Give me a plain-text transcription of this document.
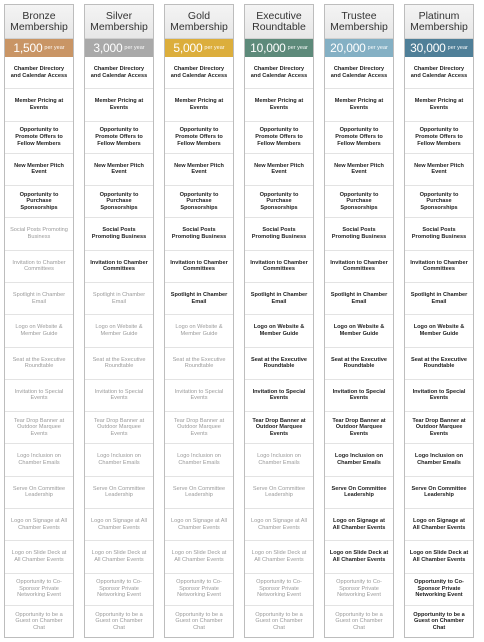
Bronze Membership
1,500 per year
Chamber Directory and Calendar Access
Member Pricing at Events
Opportunity to Promote Offers to Fellow Members
New Member Pitch Event
Opportunity to Purchase Sponsorships
Social Posts Promoting Business
Invitation to Chamber Committees
Spotlight in Chamber Email
Logo on Website & Member Guide
Seat at the Executive Roundtable
Invitation to Special Events
Tear Drop Banner at Outdoor Marquee Events
Logo Inclusion on Chamber Emails
Serve On Committee Leadership
Logo on Signage at All Chamber Events
Logo on Slide Deck at All Chamber Events
Opportunity to Co-Sponsor Private Networking Event
Opportunity to be a Guest on Chamber Chat
Silver Membership
3,000 per year
Chamber Directory and Calendar Access
Member Pricing at Events
Opportunity to Promote Offers to Fellow Members
New Member Pitch Event
Opportunity to Purchase Sponsorships
Social Posts Promoting Business
Invitation to Chamber Committees
Spotlight in Chamber Email
Logo on Website & Member Guide
Seat at the Executive Roundtable
Invitation to Special Events
Tear Drop Banner at Outdoor Marquee Events
Logo Inclusion on Chamber Emails
Serve On Committee Leadership
Logo on Signage at All Chamber Events
Logo on Slide Deck at All Chamber Events
Opportunity to Co-Sponsor Private Networking Event
Opportunity to be a Guest on Chamber Chat
Gold Membership
5,000 per year
Chamber Directory and Calendar Access
Member Pricing at Events
Opportunity to Promote Offers to Fellow Members
New Member Pitch Event
Opportunity to Purchase Sponsorships
Social Posts Promoting Business
Invitation to Chamber Committees
Spotlight in Chamber Email
Logo on Website & Member Guide
Seat at the Executive Roundtable
Invitation to Special Events
Tear Drop Banner at Outdoor Marquee Events
Logo Inclusion on Chamber Emails
Serve On Committee Leadership
Logo on Signage at All Chamber Events
Logo on Slide Deck at All Chamber Events
Opportunity to Co-Sponsor Private Networking Event
Opportunity to be a Guest on Chamber Chat
Executive Roundtable
10,000 per year
Chamber Directory and Calendar Access
Member Pricing at Events
Opportunity to Promote Offers to Fellow Members
New Member Pitch Event
Opportunity to Purchase Sponsorships
Social Posts Promoting Business
Invitation to Chamber Committees
Spotlight in Chamber Email
Logo on Website & Member Guide
Seat at the Executive Roundtable
Invitation to Special Events
Tear Drop Banner at Outdoor Marquee Events
Logo Inclusion on Chamber Emails
Serve On Committee Leadership
Logo on Signage at All Chamber Events
Logo on Slide Deck at All Chamber Events
Opportunity to Co-Sponsor Private Networking Event
Opportunity to be a Guest on Chamber Chat
Trustee Membership
20,000 per year
Chamber Directory and Calendar Access
Member Pricing at Events
Opportunity to Promote Offers to Fellow Members
New Member Pitch Event
Opportunity to Purchase Sponsorships
Social Posts Promoting Business
Invitation to Chamber Committees
Spotlight in Chamber Email
Logo on Website & Member Guide
Seat at the Executive Roundtable
Invitation to Special Events
Tear Drop Banner at Outdoor Marquee Events
Logo Inclusion on Chamber Emails
Serve On Committee Leadership
Logo on Signage at All Chamber Events
Logo on Slide Deck at All Chamber Events
Opportunity to Co-Sponsor Private Networking Event
Opportunity to be a Guest on Chamber Chat
Platinum Membership
30,000 per year
Chamber Directory and Calendar Access
Member Pricing at Events
Opportunity to Promote Offers to Fellow Members
New Member Pitch Event
Opportunity to Purchase Sponsorships
Social Posts Promoting Business
Invitation to Chamber Committees
Spotlight in Chamber Email
Logo on Website & Member Guide
Seat at the Executive Roundtable
Invitation to Special Events
Tear Drop Banner at Outdoor Marquee Events
Logo Inclusion on Chamber Emails
Serve On Committee Leadership
Logo on Signage at All Chamber Events
Logo on Slide Deck at All Chamber Events
Opportunity to Co-Sponsor Private Networking Event
Opportunity to be a Guest on Chamber Chat
